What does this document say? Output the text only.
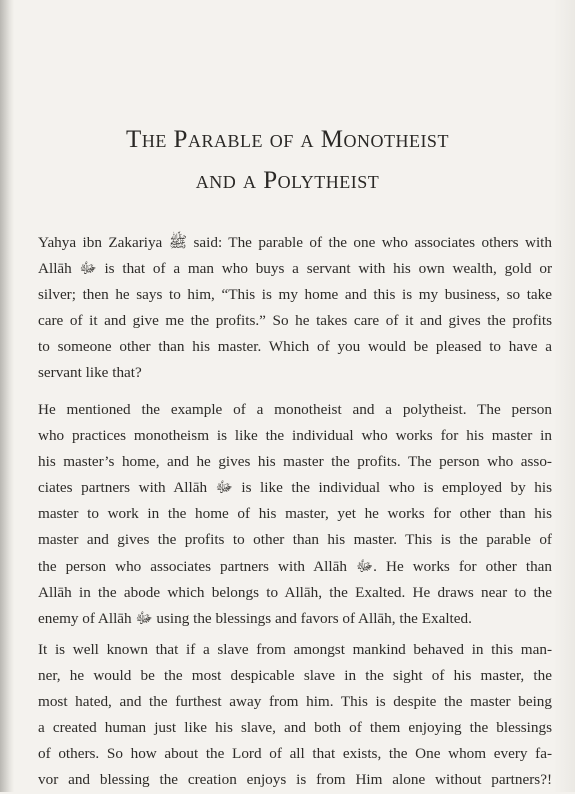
The Parable of a Monotheist
and a Polytheist
Yahya ibn Zakariya ﷺ said: The parable of the one who associates others with
Allāh ﷻ is that of a man who buys a servant with his own wealth, gold or
silver; then he says to him, “This is my home and this is my business, so take
care of it and give me the profits.” So he takes care of it and gives the profits
to someone other than his master. Which of you would be pleased to have a
servant like that?
He mentioned the example of a monotheist and a polytheist. The person
who practices monotheism is like the individual who works for his master in
his master’s home, and he gives his master the profits. The person who asso-
ciates partners with Allāh ﷻ is like the individual who is employed by his
master to work in the home of his master, yet he works for other than his
master and gives the profits to other than his master. This is the parable of
the person who associates partners with Allāh ﷻ. He works for other than
Allāh in the abode which belongs to Allāh, the Exalted. He draws near to the
enemy of Allāh ﷻ using the blessings and favors of Allāh, the Exalted.
It is well known that if a slave from amongst mankind behaved in this man-
ner, he would be the most despicable slave in the sight of his master, the
most hated, and the furthest away from him. This is despite the master being
a created human just like his slave, and both of them enjoying the blessings
of others. So how about the Lord of all that exists, the One whom every fa-
vor and blessing the creation enjoys is from Him alone without partners?!
